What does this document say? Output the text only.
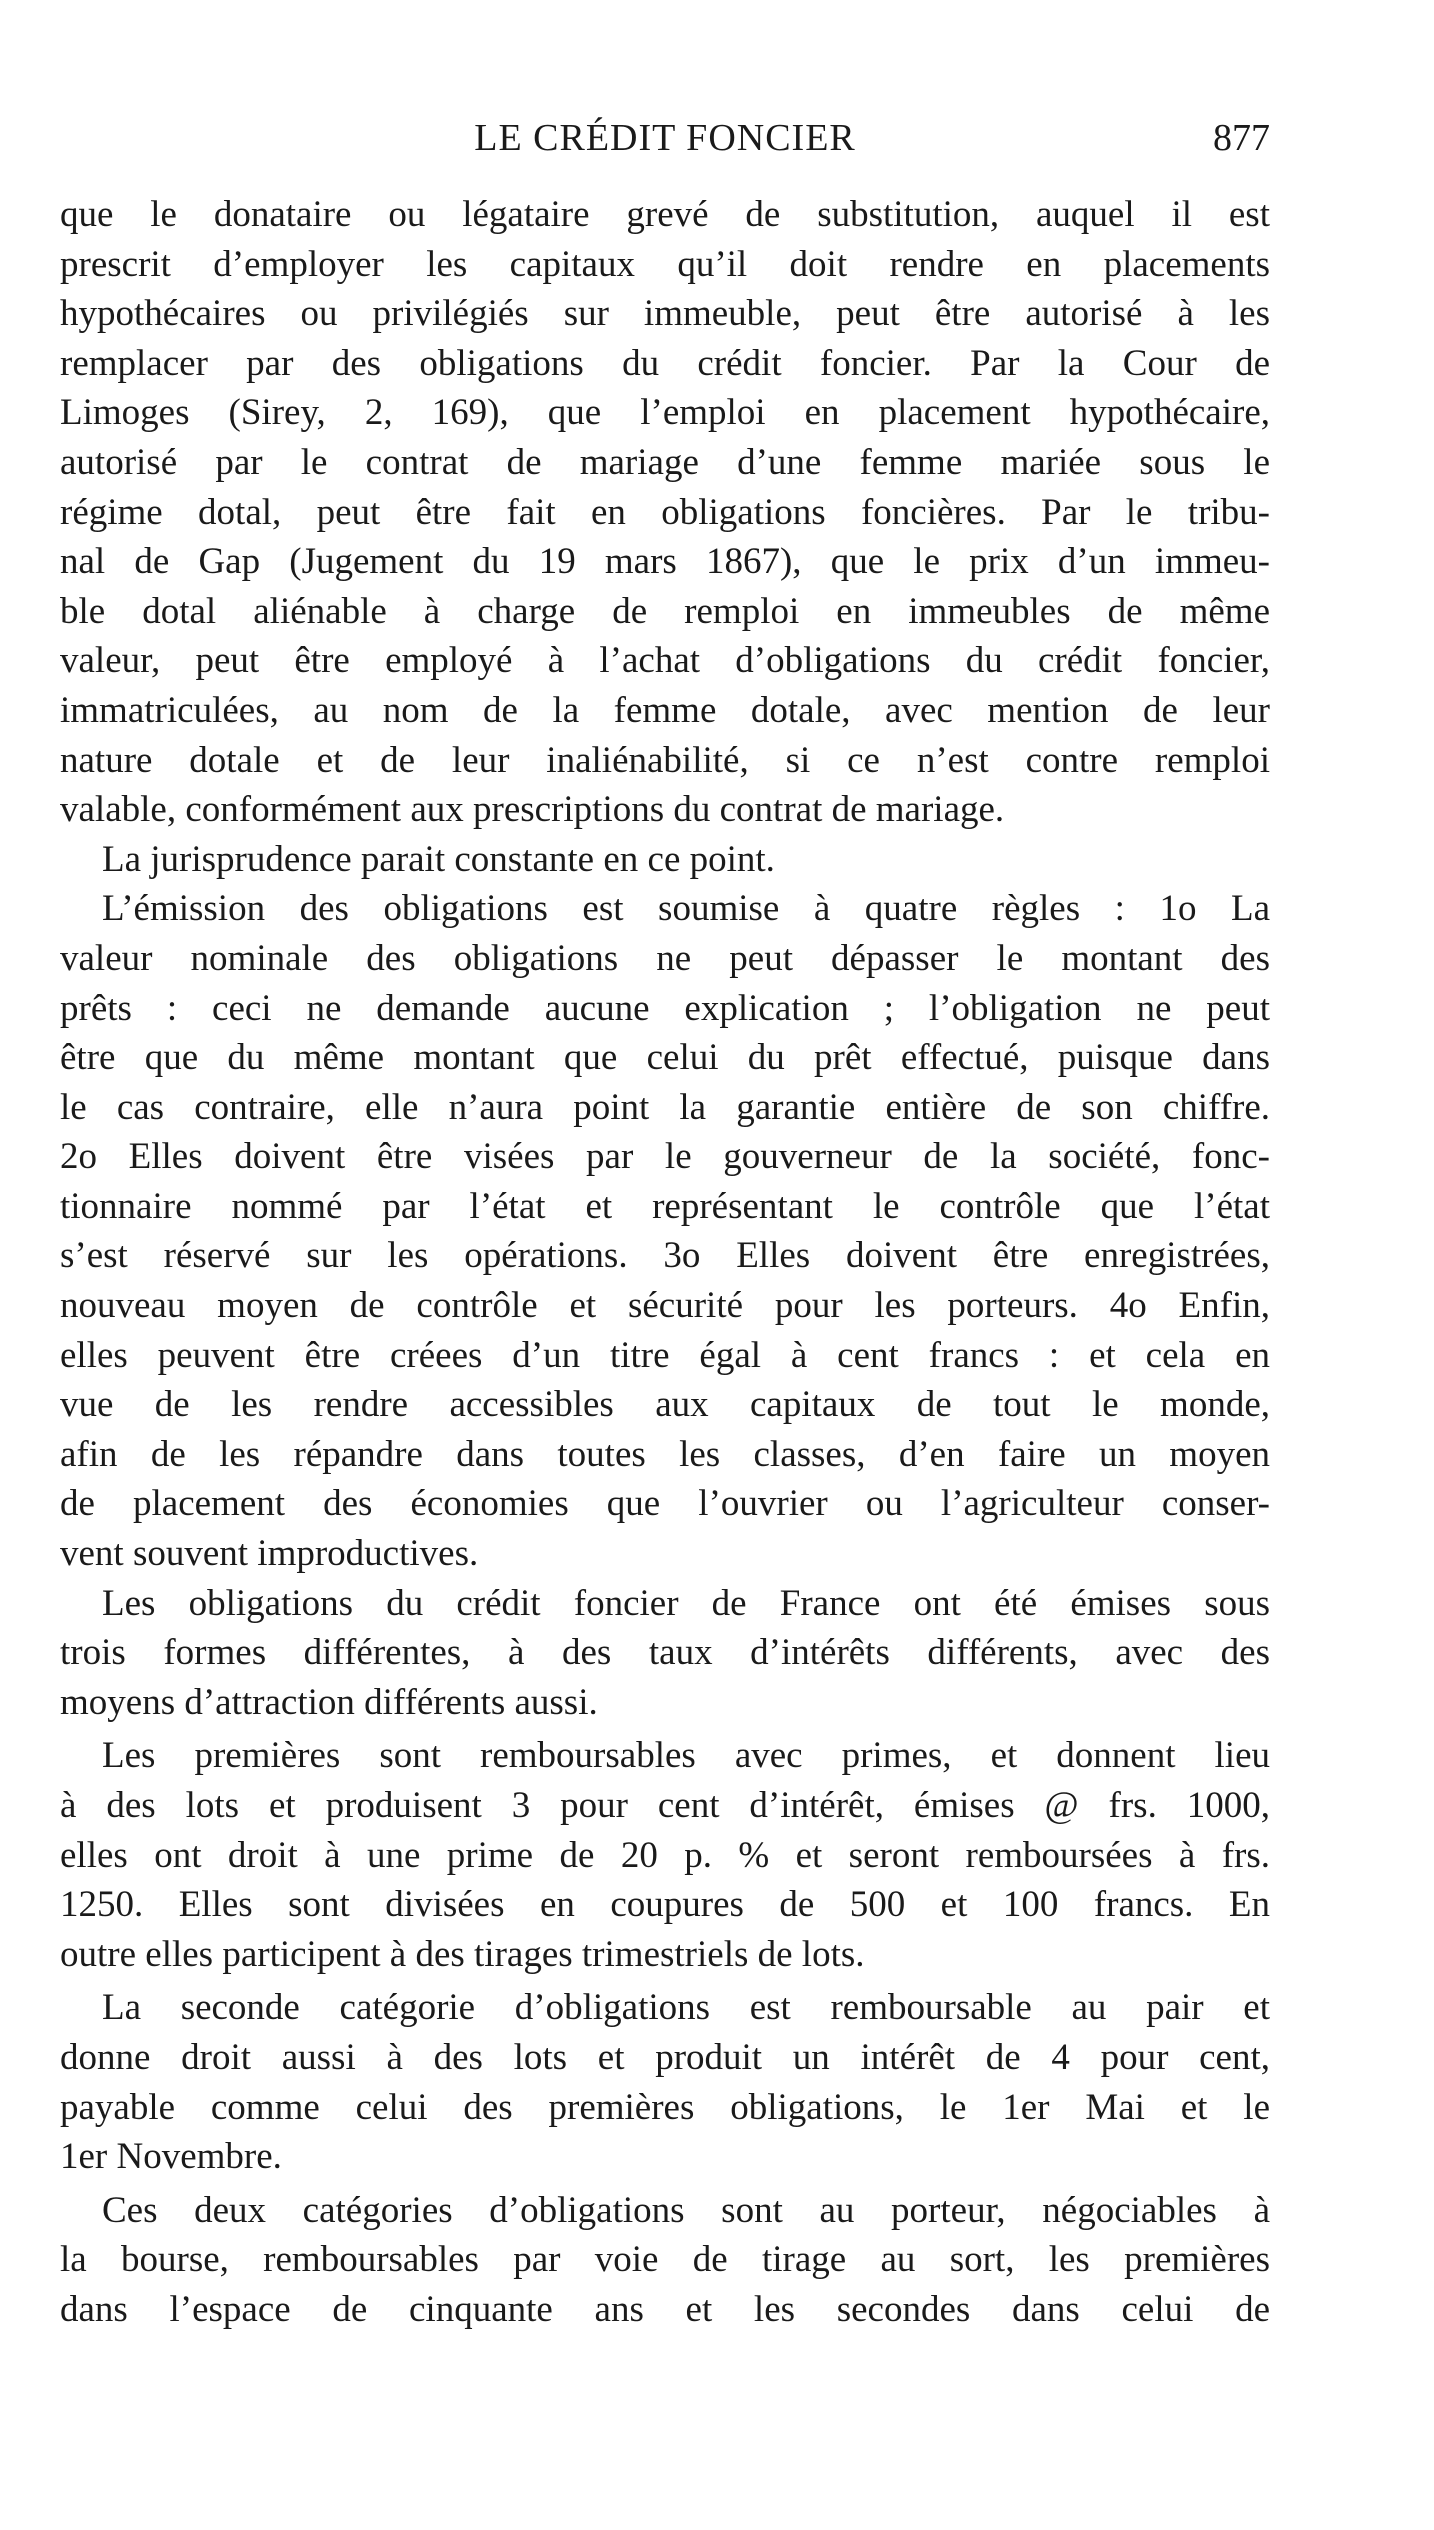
LE CRÉDIT FONCIER	877
que le donataire ou légataire grevé de substitution, auquel il est
prescrit d’employer les capitaux qu’il doit rendre en placements
hypothécaires ou privilégiés sur immeuble, peut être autorisé à les
remplacer par des obligations du crédit foncier. Par la Cour de
Limoges (Sirey, 2, 169), que l’emploi en placement hypothécaire,
autorisé par le contrat de mariage d’une femme mariée sous le
régime dotal, peut être fait en obligations foncières. Par le tribu-
nal de Gap (Jugement du 19 mars 1867), que le prix d’un immeu-
ble dotal aliénable à charge de remploi en immeubles de même
valeur, peut être employé à l’achat d’obligations du crédit foncier,
immatriculées, au nom de la femme dotale, avec mention de leur
nature dotale et de leur inaliénabilité, si ce n’est contre remploi
valable, conformément aux prescriptions du contrat de mariage.
La jurisprudence parait constante en ce point.
L’émission des obligations est soumise à quatre règles : 1o La
valeur nominale des obligations ne peut dépasser le montant des
prêts : ceci ne demande aucune explication ; l’obligation ne peut
être que du même montant que celui du prêt effectué, puisque dans
le cas contraire, elle n’aura point la garantie entière de son chiffre.
2o Elles doivent être visées par le gouverneur de la société, fonc-
tionnaire nommé par l’état et représentant le contrôle que l’état
s’est réservé sur les opérations. 3o Elles doivent être enregistrées,
nouveau moyen de contrôle et sécurité pour les porteurs. 4o Enfin,
elles peuvent être créees d’un titre égal à cent francs : et cela en
vue de les rendre accessibles aux capitaux de tout le monde,
afin de les répandre dans toutes les classes, d’en faire un moyen
de placement des économies que l’ouvrier ou l’agriculteur conser-
vent souvent improductives.
Les obligations du crédit foncier de France ont été émises sous
trois formes différentes, à des taux d’intérêts différents, avec des
moyens d’attraction différents aussi.
Les premières sont remboursables avec primes, et donnent lieu
à des lots et produisent 3 pour cent d’intérêt, émises @ frs. 1000,
elles ont droit à une prime de 20 p. % et seront remboursées à frs.
1250. Elles sont divisées en coupures de 500 et 100 francs. En
outre elles participent à des tirages trimestriels de lots.
La seconde catégorie d’obligations est remboursable au pair et
donne droit aussi à des lots et produit un intérêt de 4 pour cent,
payable comme celui des premières obligations, le 1er Mai et le
1er Novembre.
Ces deux catégories d’obligations sont au porteur, négociables à
la bourse, remboursables par voie de tirage au sort, les premières
dans l’espace de cinquante ans et les secondes dans celui de
